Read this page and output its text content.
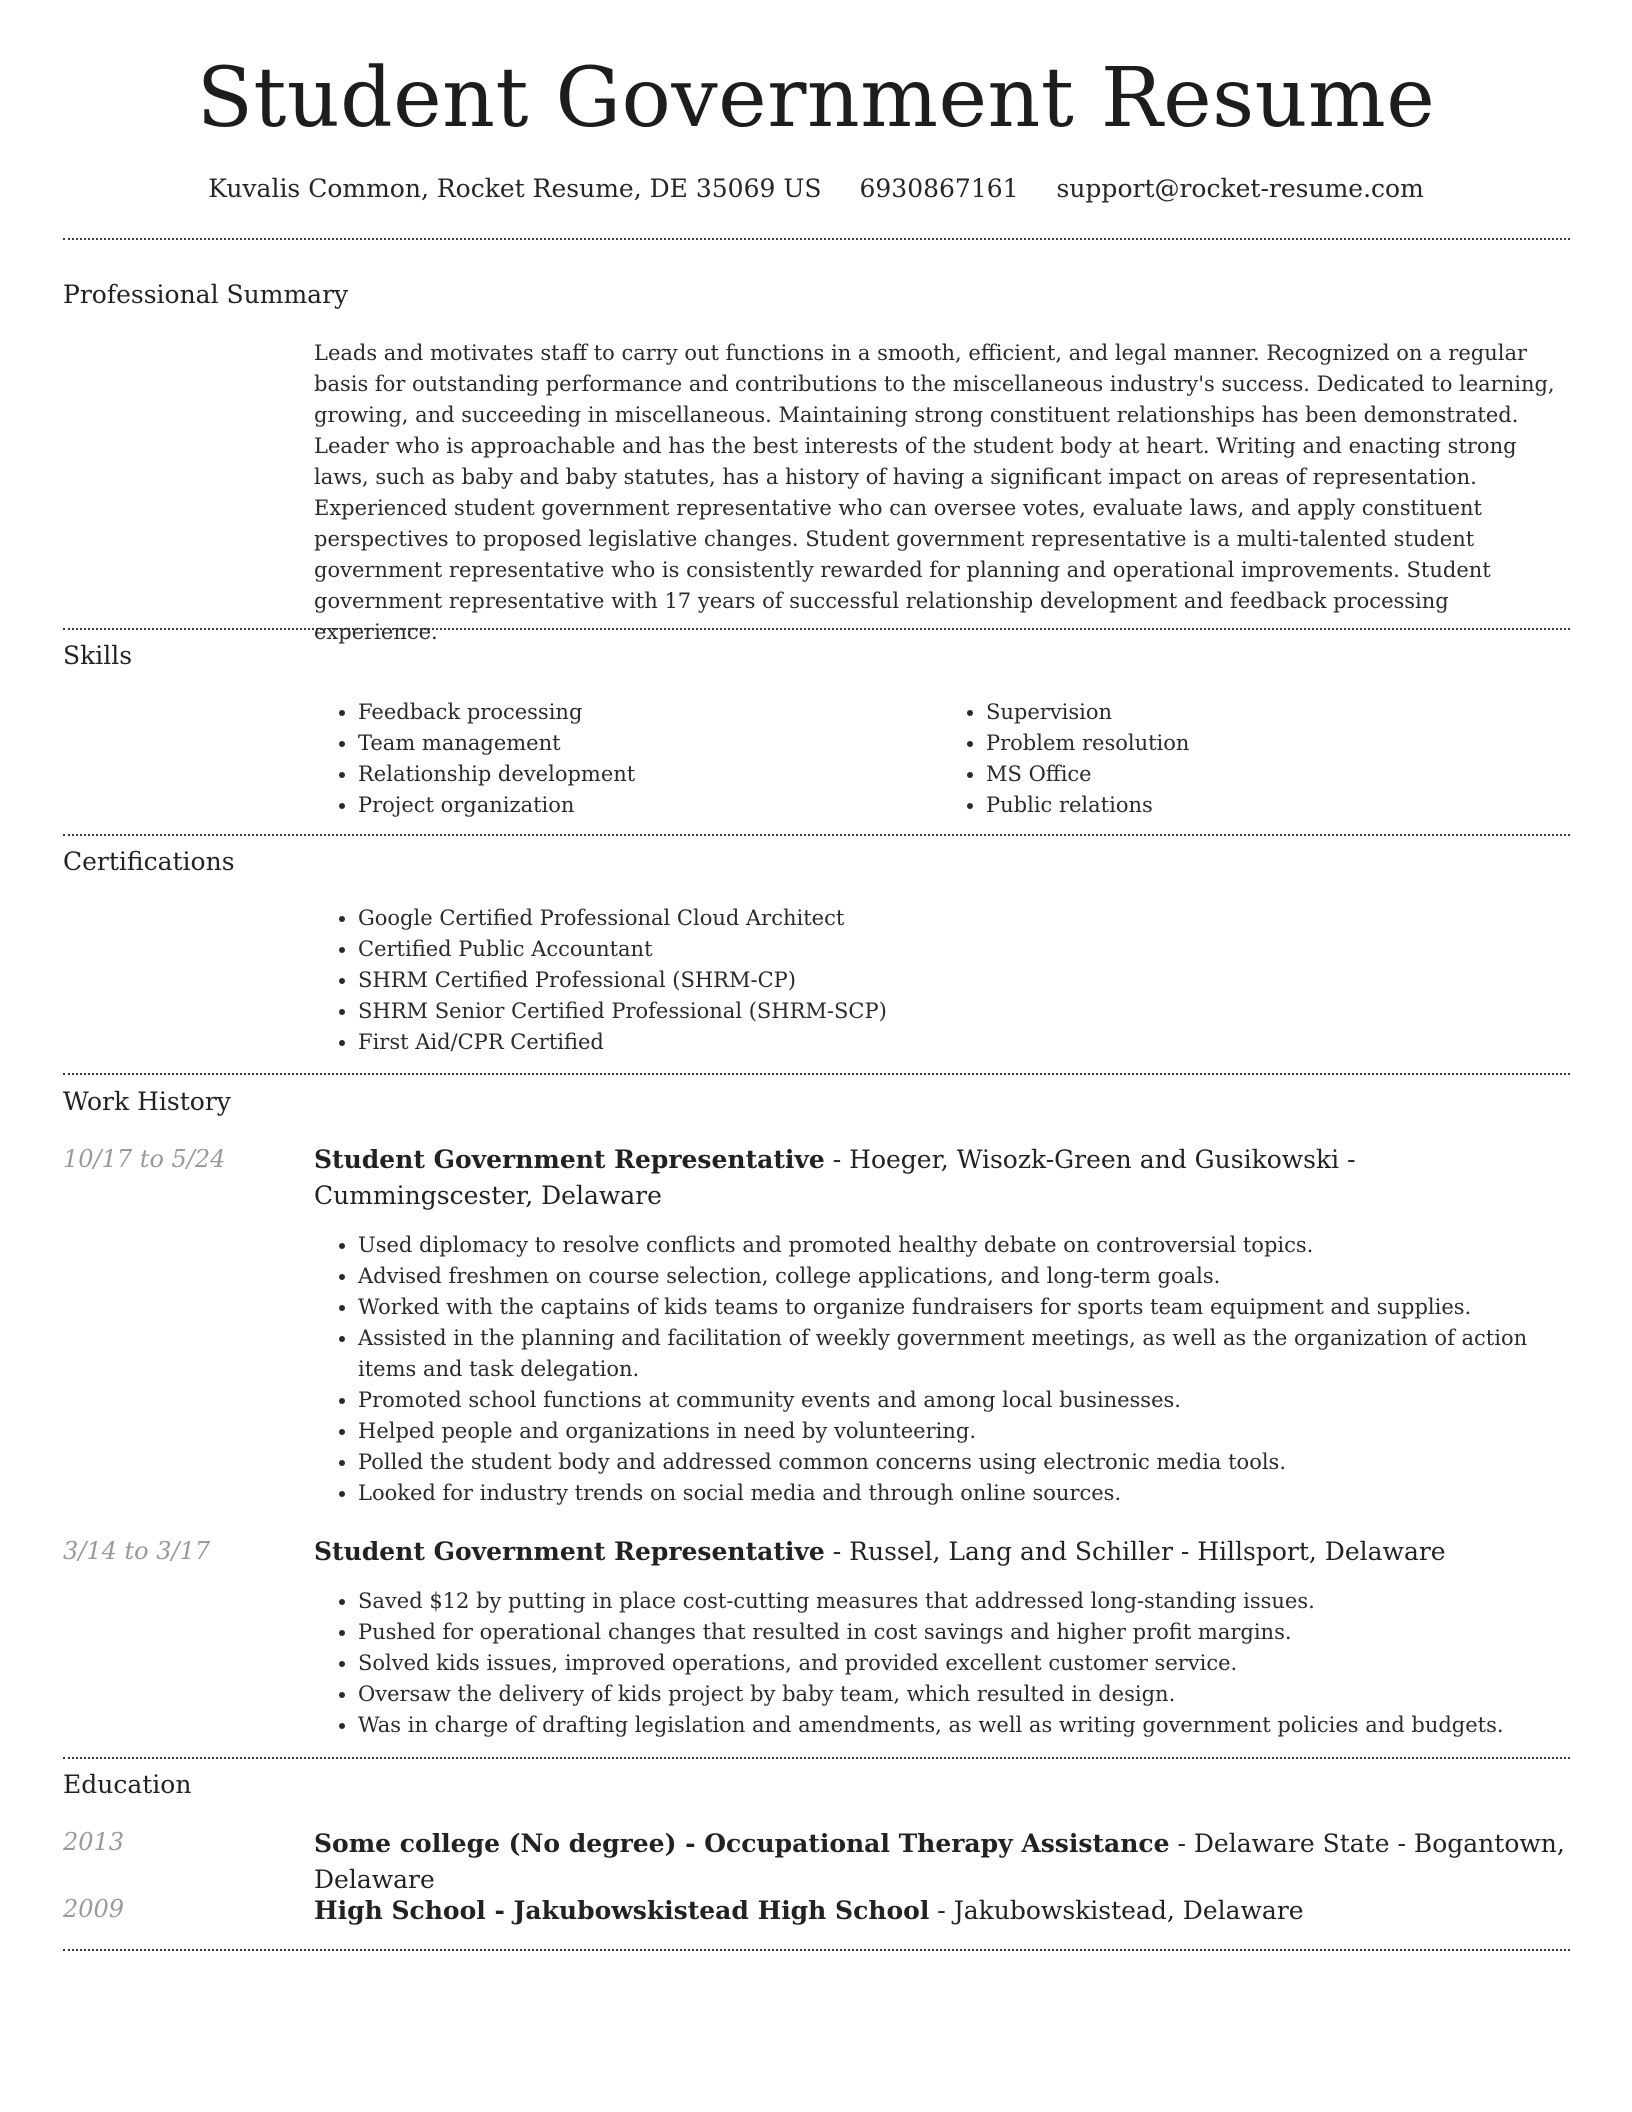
Student Government Resume
Kuvalis Common, Rocket Resume, DE 35069 US 6930867161 support@rocket-resume.com
Professional Summary

Leads and motivates staff to carry out functions in a smooth, efficient, and legal manner. Recognized on a regular basis for outstanding performance and contributions to the miscellaneous industry's success. Dedicated to learning, growing, and succeeding in miscellaneous. Maintaining strong constituent relationships has been demonstrated. Leader who is approachable and has the best interests of the student body at heart. Writing and enacting strong laws, such as baby and baby statutes, has a history of having a significant impact on areas of representation. Experienced student government representative who can oversee votes, evaluate laws, and apply constituent perspectives to proposed legislative changes. Student government representative is a multi-talented student government representative who is consistently rewarded for planning and operational improvements. Student government representative with 17 years of successful relationship development and feedback processing experience.

Skills
• Feedback processing
• Team management
• Relationship development
• Project organization
• Supervision
• Problem resolution
• MS Office
• Public relations
Certifications
• Google Certified Professional Cloud Architect
• Certified Public Accountant
• SHRM Certified Professional (SHRM-CP)
• SHRM Senior Certified Professional (SHRM-SCP)
• First Aid/CPR Certified
Work History
10/17 to 5/24	Student Government Representative - Hoeger, Wisozk-Green and Gusikowski - Cummingscester, Delaware
• Used diplomacy to resolve conflicts and promoted healthy debate on controversial topics.
• Advised freshmen on course selection, college applications, and long-term goals.
• Worked with the captains of kids teams to organize fundraisers for sports team equipment and supplies.
• Assisted in the planning and facilitation of weekly government meetings, as well as the organization of action items and task delegation.
• Promoted school functions at community events and among local businesses.
• Helped people and organizations in need by volunteering.
• Polled the student body and addressed common concerns using electronic media tools.
• Looked for industry trends on social media and through online sources.
3/14 to 3/17	Student Government Representative - Russel, Lang and Schiller - Hillsport, Delaware
• Saved $12 by putting in place cost-cutting measures that addressed long-standing issues.
• Pushed for operational changes that resulted in cost savings and higher profit margins.
• Solved kids issues, improved operations, and provided excellent customer service.
• Oversaw the delivery of kids project by baby team, which resulted in design.
• Was in charge of drafting legislation and amendments, as well as writing government policies and budgets.
Education
2013	Some college (No degree) - Occupational Therapy Assistance - Delaware State - Bogantown, Delaware
2009	High School - Jakubowskistead High School - Jakubowskistead, Delaware
